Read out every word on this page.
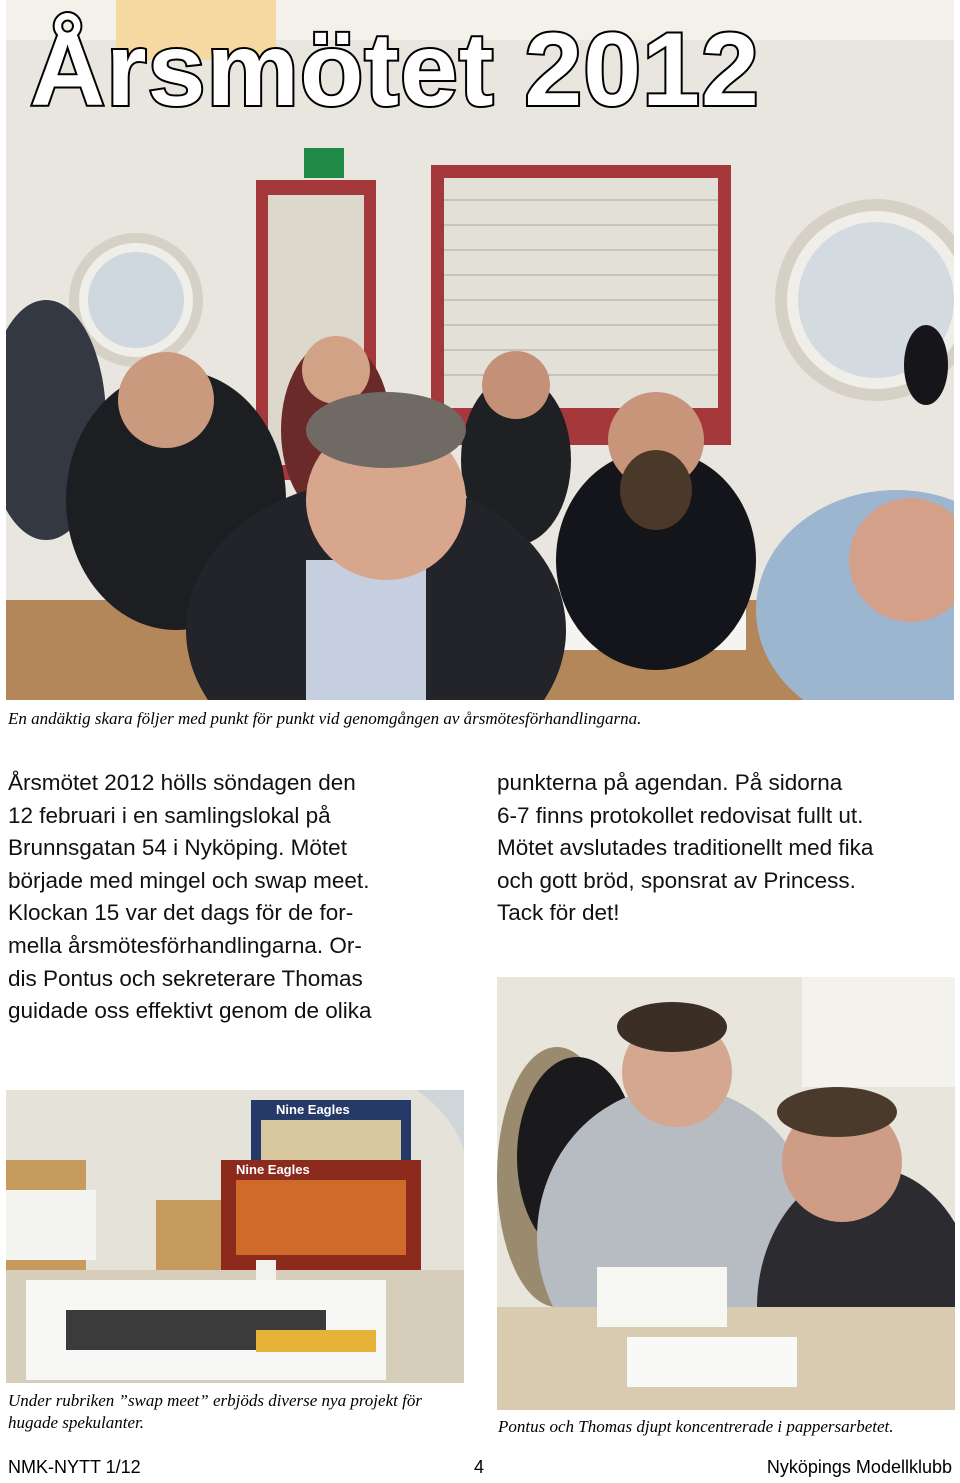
Årsmötet 2012

En andäktig skara följer med punkt för punkt vid genomgången av årsmötesförhandlingarna.

Årsmötet 2012 hölls söndagen den
12 februari i en samlingslokal på
Brunnsgatan 54 i Nyköping. Mötet
började med mingel och swap meet.
Klockan 15 var det dags för de for-
mella årsmötesförhandlingarna. Or-
dis Pontus och sekreterare Thomas
guidade oss effektivt genom de olika
punkterna på agendan. På sidorna
6-7 finns protokollet redovisat fullt ut.
Mötet avslutades traditionellt med fika
och gott bröd, sponsrat av Princess.
Tack för det!
Nine Eagles
Nine Eagles

Under rubriken ”swap meet” erbjöds diverse nya projekt för hugade spekulanter.	Pontus och Thomas djupt koncentrerade i pappersarbetet.

NMK-NYTT 1/12	4	Nyköpings Modellklubb
